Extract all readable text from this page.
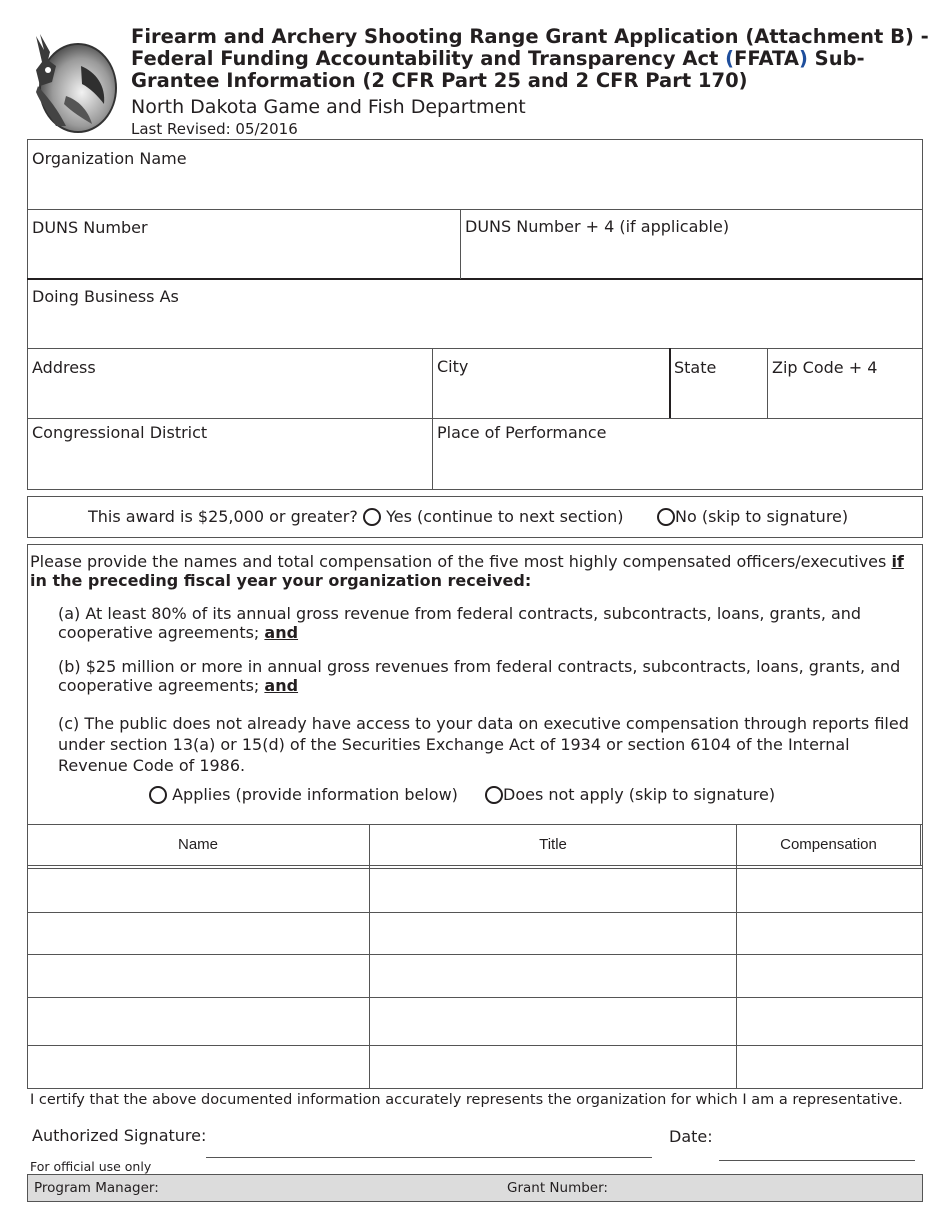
Firearm and Archery Shooting Range Grant Application (Attachment B) - Federal Funding Accountability and Transparency Act (FFATA) Sub-Grantee Information (2 CFR Part 25 and 2 CFR Part 170)
North Dakota Game and Fish Department
Last Revised: 05/2016
Organization Name
DUNS Number	DUNS Number + 4 (if applicable)
Doing Business As
Address	City	State	Zip Code + 4
Congressional District	Place of Performance
This award is $25,000 or greater?	Yes (continue to next section)	No (skip to signature)
Please provide the names and total compensation of the five most highly compensated officers/executives if in the preceding fiscal year your organization received:
(a) At least 80% of its annual gross revenue from federal contracts, subcontracts, loans, grants, and cooperative agreements; and
(b) $25 million or more in annual gross revenues from federal contracts, subcontracts, loans, grants, and cooperative agreements; and
(c) The public does not already have access to your data on executive compensation through reports filed under section 13(a) or 15(d) of the Securities Exchange Act of 1934 or section 6104 of the Internal Revenue Code of 1986.
Applies (provide information below)	Does not apply (skip to signature)
Name	Title	Compensation
I certify that the above documented information accurately represents the organization for which I am a representative.
Authorized Signature:	Date:
For official use only
Program Manager:	Grant Number:
